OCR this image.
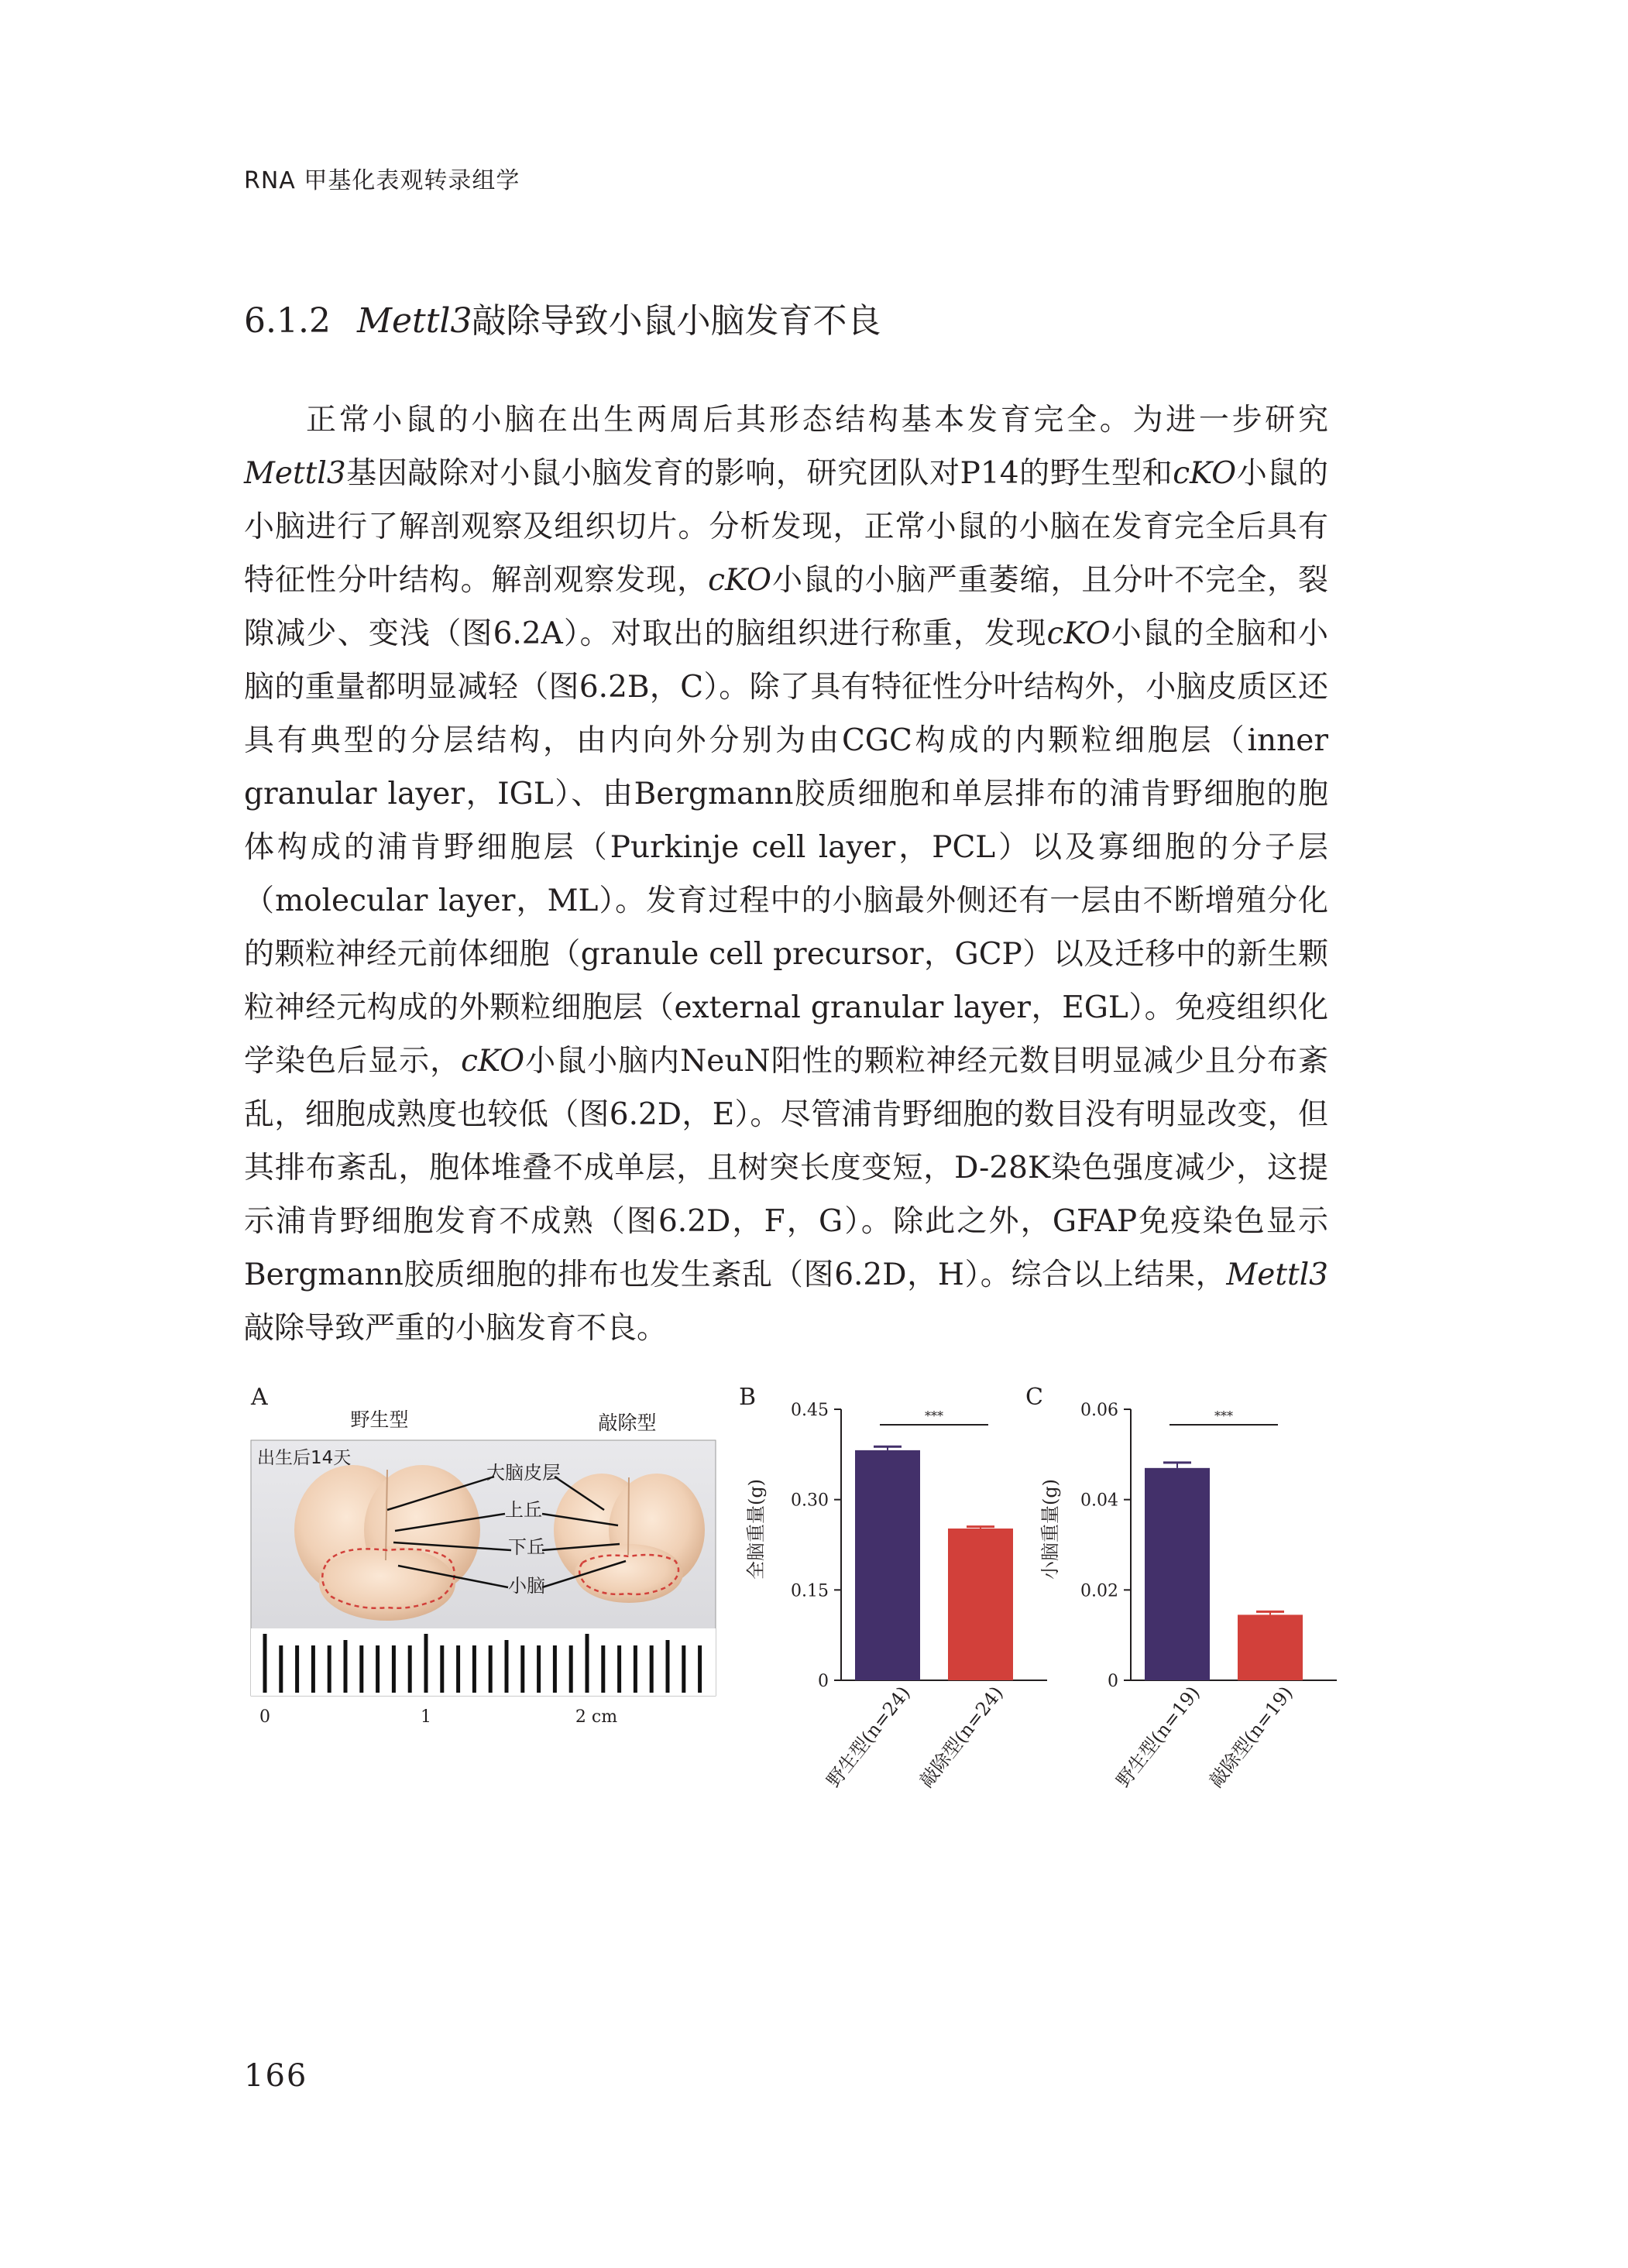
RNA 甲基化表观转录组学
6.1.2 Mettl3敲除导致小鼠小脑发育不良

正常小鼠的小脑在出生两周后其形态结构基本发育完全。为进一步研究Mettl3基因敲除对小鼠小脑发育的影响，研究团队对P14的野生型和cKO小鼠的小脑进行了解剖观察及组织切片。分析发现，正常小鼠的小脑在发育完全后具有特征性分叶结构。解剖观察发现，cKO小鼠的小脑严重萎缩，且分叶不完全，裂隙减少、变浅（图6.2A）。对取出的脑组织进行称重，发现cKO小鼠的全脑和小脑的重量都明显减轻（图6.2B，C）。除了具有特征性分叶结构外，小脑皮质区还具有典型的分层结构，由内向外分别为由CGC构成的内颗粒细胞层（inner granular layer，IGL）、由Bergmann胶质细胞和单层排布的浦肯野细胞的胞体构成的浦肯野细胞层（Purkinje cell layer，PCL）以及寡细胞的分子层（molecular layer，ML）。发育过程中的小脑最外侧还有一层由不断增殖分化的颗粒神经元前体细胞（granule cell precursor，GCP）以及迁移中的新生颗粒神经元构成的外颗粒细胞层（external granular layer，EGL）。免疫组织化学染色后显示，cKO小鼠小脑内NeuN阳性的颗粒神经元数目明显减少且分布紊乱，细胞成熟度也较低（图6.2D，E）。尽管浦肯野细胞的数目没有明显改变，但其排布紊乱，胞体堆叠不成单层，且树突长度变短，D-28K染色强度减少，这提示浦肯野细胞发育不成熟（图6.2D，F，G）。除此之外，GFAP免疫染色显示Bergmann胶质细胞的排布也发生紊乱（图6.2D，H）。综合以上结果，Mettl3敲除导致严重的小脑发育不良。

A
野生型	敲除型
出生后14天
大脑皮层
上丘
下丘
小脑
0	1	2 cm
B
全脑重量(g)
0
0.15
0.30
0.45
野生型(n=24) 敲除型(n=24)
***
C
小脑重量(g)
0
0.02
0.04
0.06
野生型(n=19) 敲除型(n=19)
***
166
